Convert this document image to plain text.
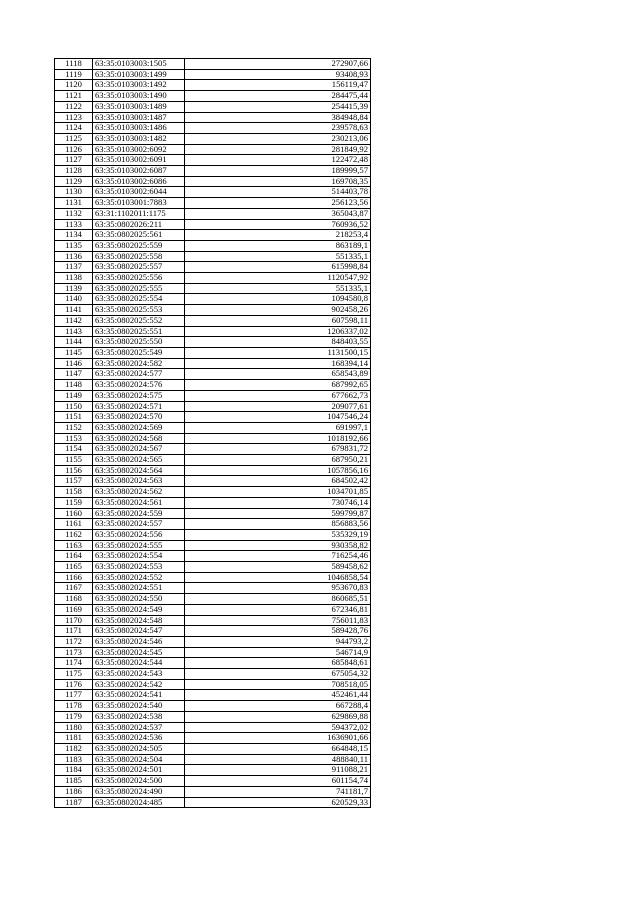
1118	63:35:0103003:1505	272907,66
1119	63:35:0103003:1499	93408,93
1120	63:35:0103003:1492	156119,47
1121	63:35:0103003:1490	284475,44
1122	63:35:0103003:1489	254415,39
1123	63:35:0103003:1487	384948,84
1124	63:35:0103003:1486	239578,63
1125	63:35:0103003:1482	230213,06
1126	63:35:0103002:6092	281849,92
1127	63:35:0103002:6091	122472,48
1128	63:35:0103002:6087	189999,57
1129	63:35:0103002:6086	169708,35
1130	63:35:0103002:6044	514403,78
1131	63:35:0103001:7883	256123,56
1132	63:31:1102011:1175	365043,87
1133	63:35:0802026:211	760936,52
1134	63:35:0802025:561	218253,4
1135	63:35:0802025:559	863189,1
1136	63:35:0802025:558	551335,1
1137	63:35:0802025:557	615998,84
1138	63:35:0802025:556	1120547,92
1139	63:35:0802025:555	551335,1
1140	63:35:0802025:554	1094580,8
1141	63:35:0802025:553	902458,26
1142	63:35:0802025:552	607598,11
1143	63:35:0802025:551	1206337,02
1144	63:35:0802025:550	848403,55
1145	63:35:0802025:549	1131500,15
1146	63:35:0802024:582	168394,14
1147	63:35:0802024:577	658543,89
1148	63:35:0802024:576	687992,65
1149	63:35:0802024:575	677662,73
1150	63:35:0802024:571	209077,61
1151	63:35:0802024:570	1047546,24
1152	63:35:0802024:569	691997,1
1153	63:35:0802024:568	1018192,66
1154	63:35:0802024:567	679831,72
1155	63:35:0802024:565	687950,21
1156	63:35:0802024:564	1057856,16
1157	63:35:0802024:563	684502,42
1158	63:35:0802024:562	1034701,85
1159	63:35:0802024:561	730746,14
1160	63:35:0802024:559	599799,87
1161	63:35:0802024:557	856883,56
1162	63:35:0802024:556	535329,19
1163	63:35:0802024:555	930358,82
1164	63:35:0802024:554	716254,46
1165	63:35:0802024:553	589458,62
1166	63:35:0802024:552	1046858,54
1167	63:35:0802024:551	953670,83
1168	63:35:0802024:550	860685,51
1169	63:35:0802024:549	672346,81
1170	63:35:0802024:548	756011,83
1171	63:35:0802024:547	589428,76
1172	63:35:0802024:546	944793,2
1173	63:35:0802024:545	546714,9
1174	63:35:0802024:544	685848,61
1175	63:35:0802024:543	675054,32
1176	63:35:0802024:542	708518,05
1177	63:35:0802024:541	452461,44
1178	63:35:0802024:540	667288,4
1179	63:35:0802024:538	629869,88
1180	63:35:0802024:537	594372,02
1181	63:35:0802024:536	1636901,66
1182	63:35:0802024:505	664848,15
1183	63:35:0802024:504	488840,11
1184	63:35:0802024:501	911088,21
1185	63:35:0802024:500	601154,74
1186	63:35:0802024:490	741181,7
1187	63:35:0802024:485	620529,33
